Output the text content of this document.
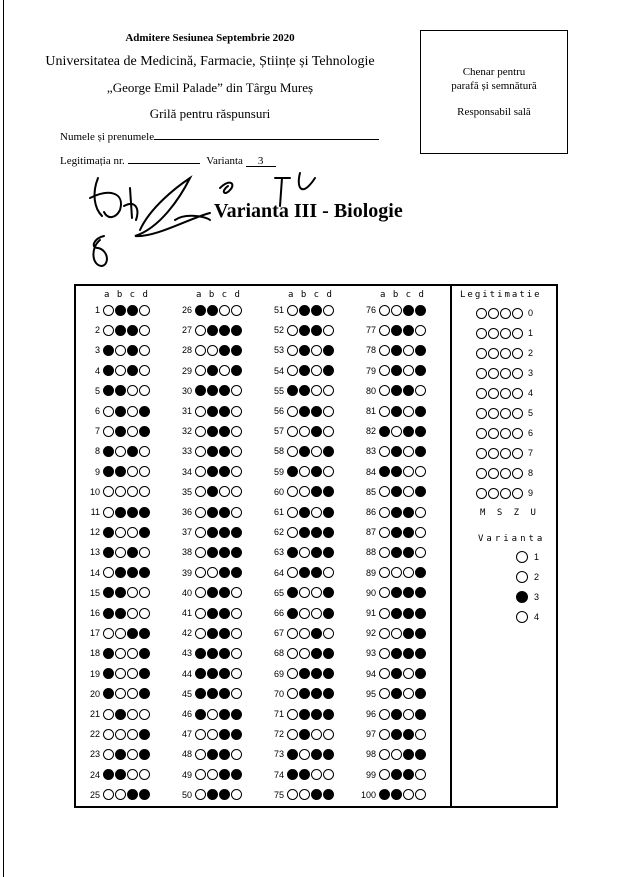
Admitere Sesiunea Septembrie 2020
Universitatea de Medicină, Farmacie, Științe și Tehnologie
„George Emil Palade” din Târgu Mureș
Grilă pentru răspunsuri
Numele și prenumele
Legitimația nr.	Varianta 3
Chenar pentru
parafă și semnătură
Responsabil sală
Varianta III - Biologie
a b c d
1
2
3
4
5
6
7
8
9
10
11
12
13
14
15
16
17
18
19
20
21
22
23
24
25
a b c d
26
27
28
29
30
31
32
33
34
35
36
37
38
39
40
41
42
43
44
45
46
47
48
49
50
a b c d
51
52
53
54
55
56
57
58
59
60
61
62
63
64
65
66
67
68
69
70
71
72
73
74
75
a b c d
76
77
78
79
80
81
82
83
84
85
86
87
88
89
90
91
92
93
94
95
96
97
98
99
100
Legitimatie
0
1
2
3
4
5
6
7
8
9
M S Z U
Varianta
1
2
3
4
